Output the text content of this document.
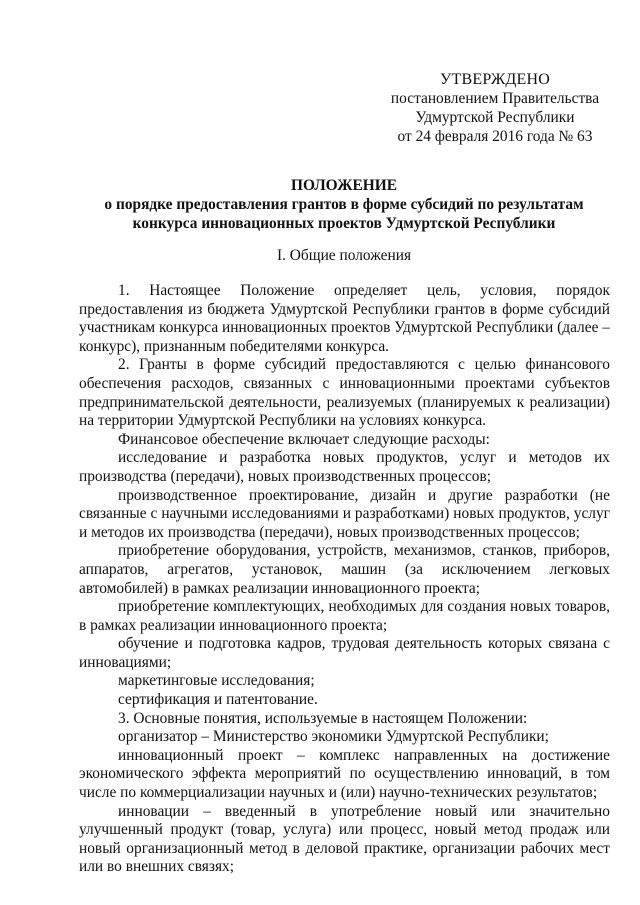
УТВЕРЖДЕНО
постановлением Правительства
Удмуртской Республики
от 24 февраля 2016 года № 63
ПОЛОЖЕНИЕ
о порядке предоставления грантов в форме субсидий по результатам
конкурса инновационных проектов Удмуртской Республики
I. Общие положения

1.   Настоящее   Положение   определяет   цель,   условия,   порядок предоставления из бюджета Удмуртской Республики грантов в форме субсидий участникам конкурса инновационных проектов Удмуртской Республики (далее – конкурс), признанным победителями конкурса.

2. Гранты в форме субсидий предоставляются с целью финансового обеспечения расходов, связанных с инновационными проектами субъектов предпринимательской деятельности, реализуемых (планируемых к реализации) на территории Удмуртской Республики на условиях конкурса.

Финансовое обеспечение включает следующие расходы:

исследование и разработка новых продуктов, услуг и методов их производства (передачи), новых производственных процессов;

производственное проектирование, дизайн и другие разработки (не связанные с научными исследованиями и разработками) новых продуктов, услуг и методов их производства (передачи), новых производственных процессов;

приобретение оборудования, устройств, механизмов, станков, приборов, аппаратов, агрегатов, установок, машин (за исключением легковых автомобилей) в рамках реализации инновационного проекта;

приобретение комплектующих, необходимых для создания новых товаров, в рамках реализации инновационного проекта;

обучение и подготовка кадров, трудовая деятельность которых связана с инновациями;

маркетинговые исследования;

сертификация и патентование.

3. Основные понятия, используемые в настоящем Положении:

организатор – Министерство экономики Удмуртской Республики;

инновационный проект – комплекс направленных на достижение экономического эффекта мероприятий по осуществлению инноваций, в том числе по коммерциализации научных и (или) научно-технических результатов;

инновации – введенный в употребление новый или значительно улучшенный продукт (товар, услуга) или процесс, новый метод продаж или новый организационный метод в деловой практике, организации рабочих мест или во внешних связях;
